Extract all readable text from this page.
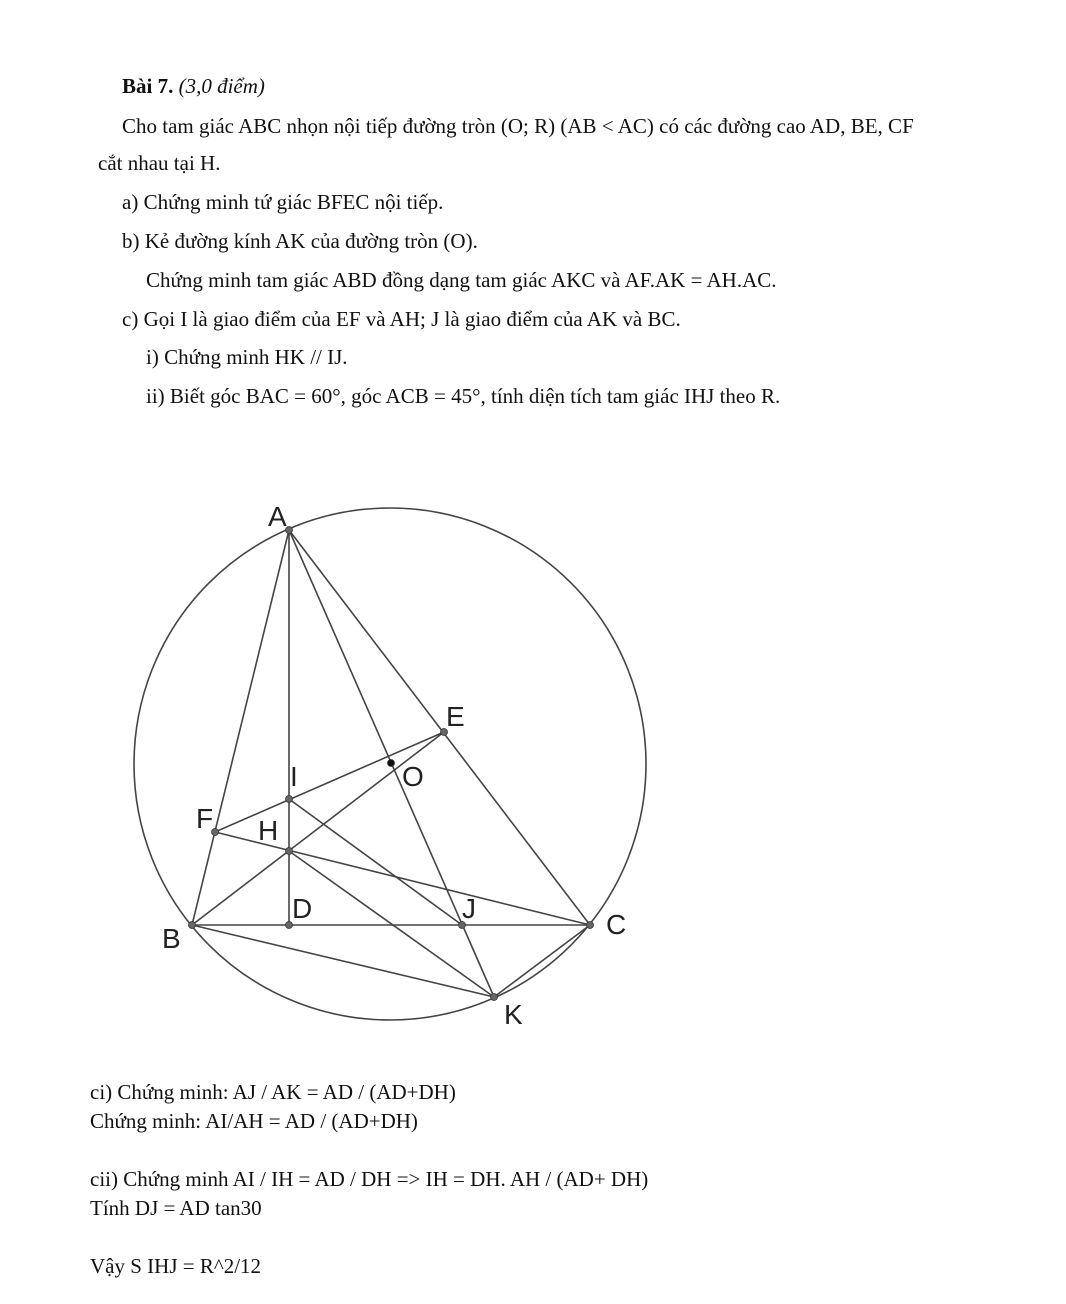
Bài 7. (3,0 điểm)
Cho tam giác ABC nhọn nội tiếp đường tròn (O; R) (AB < AC) có các đường cao AD, BE, CF
cắt nhau tại H.
a) Chứng minh tứ giác BFEC nội tiếp.
b) Kẻ đường kính AK của đường tròn (O).
Chứng minh tam giác ABD đồng dạng tam giác AKC và AF.AK = AH.AC.
c) Gọi I là giao điểm của EF và AH; J là giao điểm của AK và BC.
i) Chứng minh HK // IJ.
ii) Biết góc BAC = 60°, góc ACB = 45°, tính diện tích tam giác IHJ theo R.
A
B	C
D
E
F H
I
J
K
O
ci) Chứng minh: AJ / AK = AD / (AD+DH)
Chứng minh: AI/AH = AD / (AD+DH)
cii) Chứng minh AI / IH = AD / DH => IH = DH. AH / (AD+ DH)
Tính DJ = AD tan30
Vậy S IHJ = R^2/12
